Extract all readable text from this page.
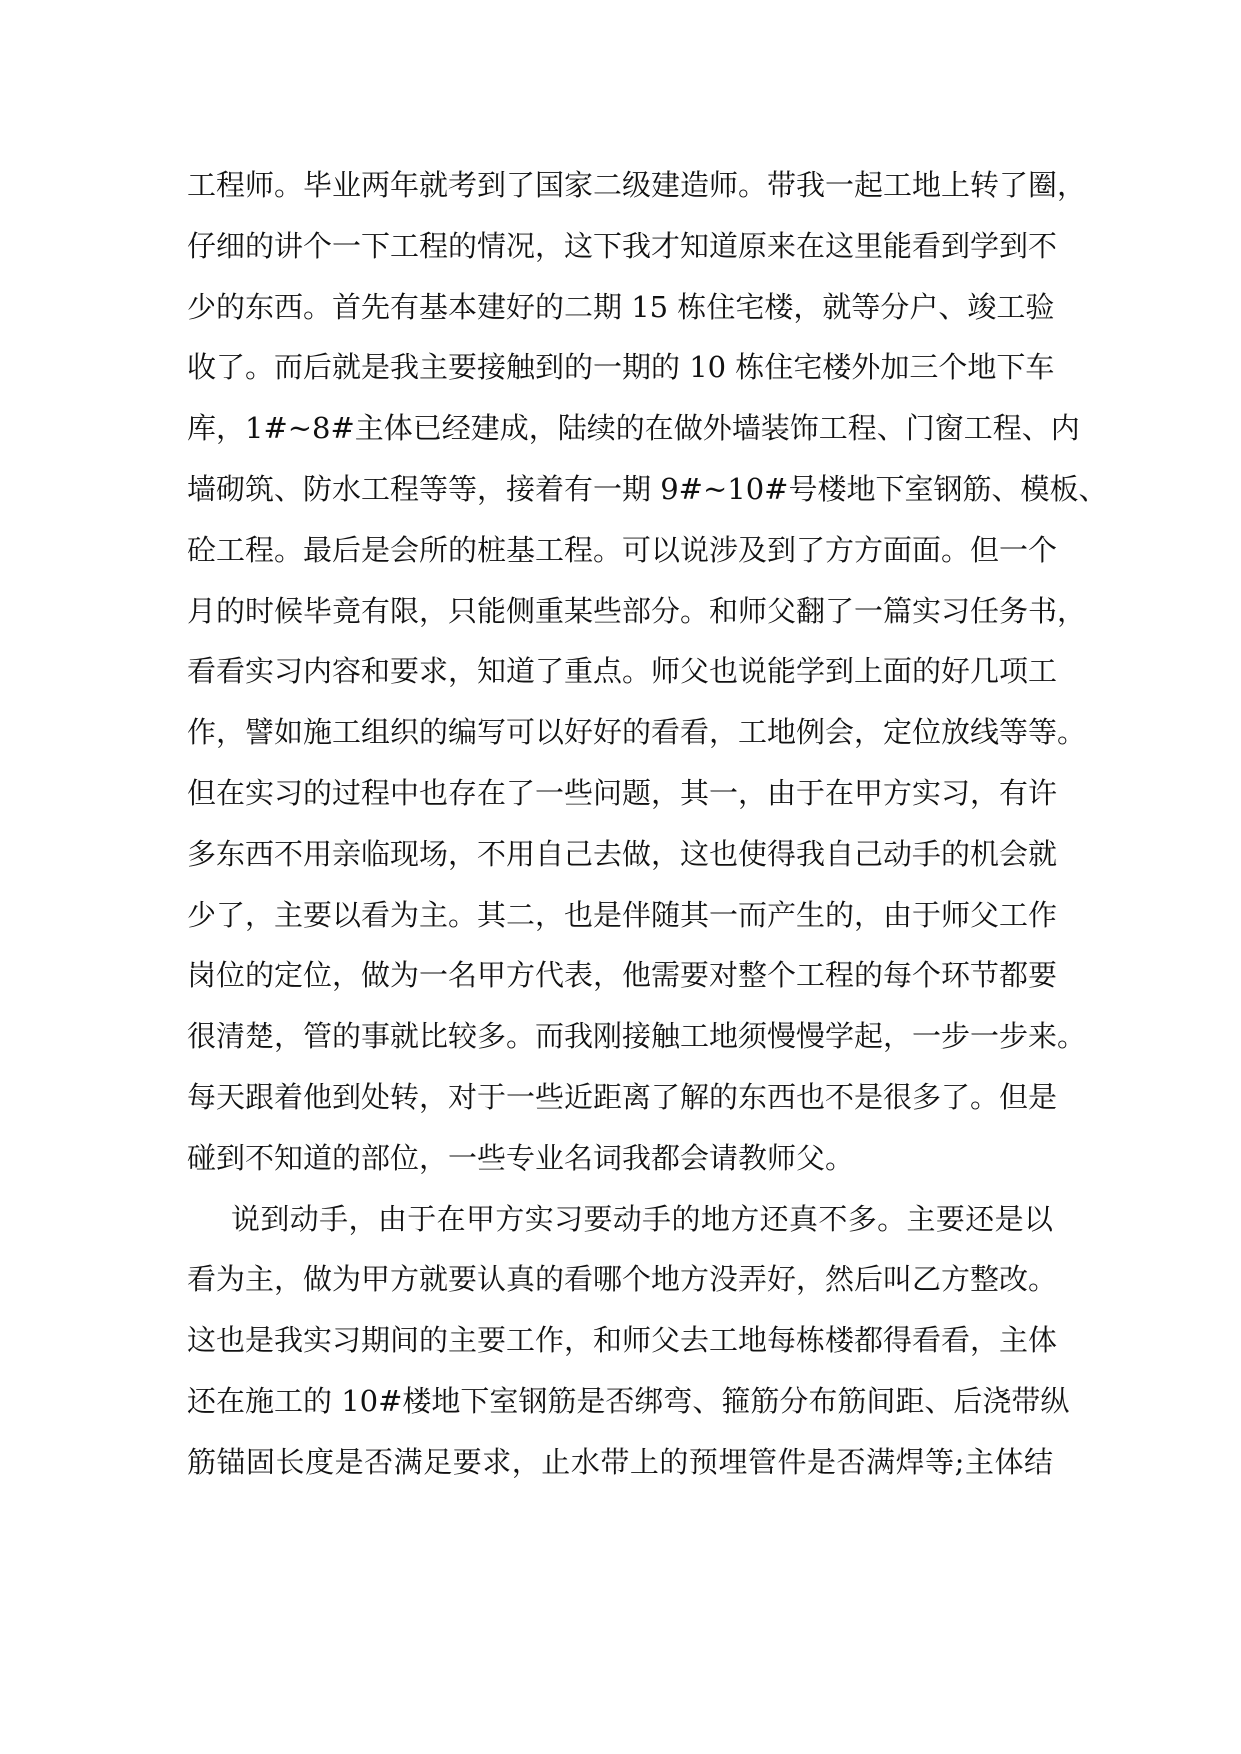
工程师。毕业两年就考到了国家二级建造师。带我一起工地上转了圈，
仔细的讲个一下工程的情况，这下我才知道原来在这里能看到学到不
少的东西。首先有基本建好的二期 15 栋住宅楼，就等分户、竣工验
收了。而后就是我主要接触到的一期的 10 栋住宅楼外加三个地下车
库，1#~8#主体已经建成，陆续的在做外墙装饰工程、门窗工程、内
墙砌筑、防水工程等等，接着有一期 9#~10#号楼地下室钢筋、模板、
砼工程。最后是会所的桩基工程。可以说涉及到了方方面面。但一个
月的时候毕竟有限，只能侧重某些部分。和师父翻了一篇实习任务书，
看看实习内容和要求，知道了重点。师父也说能学到上面的好几项工
作，譬如施工组织的编写可以好好的看看，工地例会，定位放线等等。
但在实习的过程中也存在了一些问题，其一，由于在甲方实习，有许
多东西不用亲临现场，不用自己去做，这也使得我自己动手的机会就
少了，主要以看为主。其二，也是伴随其一而产生的，由于师父工作
岗位的定位，做为一名甲方代表，他需要对整个工程的每个环节都要
很清楚，管的事就比较多。而我刚接触工地须慢慢学起，一步一步来。
每天跟着他到处转，对于一些近距离了解的东西也不是很多了。但是
碰到不知道的部位，一些专业名词我都会请教师父。
说到动手，由于在甲方实习要动手的地方还真不多。主要还是以
看为主，做为甲方就要认真的看哪个地方没弄好，然后叫乙方整改。
这也是我实习期间的主要工作，和师父去工地每栋楼都得看看，主体
还在施工的 10#楼地下室钢筋是否绑弯、箍筋分布筋间距、后浇带纵
筋锚固长度是否满足要求，止水带上的预埋管件是否满焊等;主体结
